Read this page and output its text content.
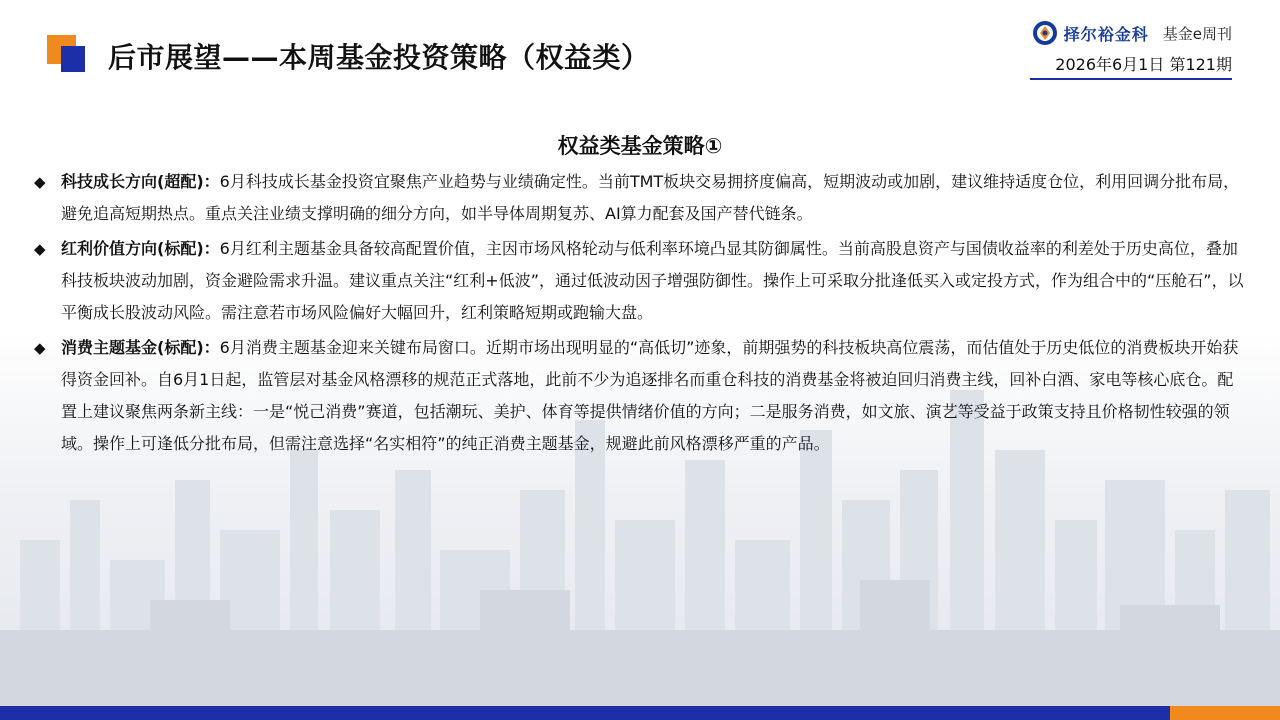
后市展望——本周基金投资策略（权益类）
择尔裕金科 基金e周刊
2026年6月1日 第121期
权益类基金策略①
◆ 科技成长方向(超配)：6月科技成长基金投资宜聚焦产业趋势与业绩确定性。当前TMT板块交易拥挤度偏高，短期波动或加剧，建议维持适度仓位，利用回调分批布局，避免追高短期热点。重点关注业绩支撑明确的细分方向，如半导体周期复苏、AI算力配套及国产替代链条。
◆ 红利价值方向(标配)：6月红利主题基金具备较高配置价值，主因市场风格轮动与低利率环境凸显其防御属性。当前高股息资产与国债收益率的利差处于历史高位，叠加科技板块波动加剧，资金避险需求升温。建议重点关注“红利+低波”，通过低波动因子增强防御性。操作上可采取分批逢低买入或定投方式，作为组合中的“压舱石”，以平衡成长股波动风险。需注意若市场风险偏好大幅回升，红利策略短期或跑输大盘。
◆ 消费主题基金(标配)：6月消费主题基金迎来关键布局窗口。近期市场出现明显的“高低切”迹象，前期强势的科技板块高位震荡，而估值处于历史低位的消费板块开始获得资金回补。自6月1日起，监管层对基金风格漂移的规范正式落地，此前不少为追逐排名而重仓科技的消费基金将被迫回归消费主线，回补白酒、家电等核心底仓。配置上建议聚焦两条新主线：一是“悦己消费”赛道，包括潮玩、美护、体育等提供情绪价值的方向；二是服务消费，如文旅、演艺等受益于政策支持且价格韧性较强的领域。操作上可逢低分批布局，但需注意选择“名实相符”的纯正消费主题基金，规避此前风格漂移严重的产品。
